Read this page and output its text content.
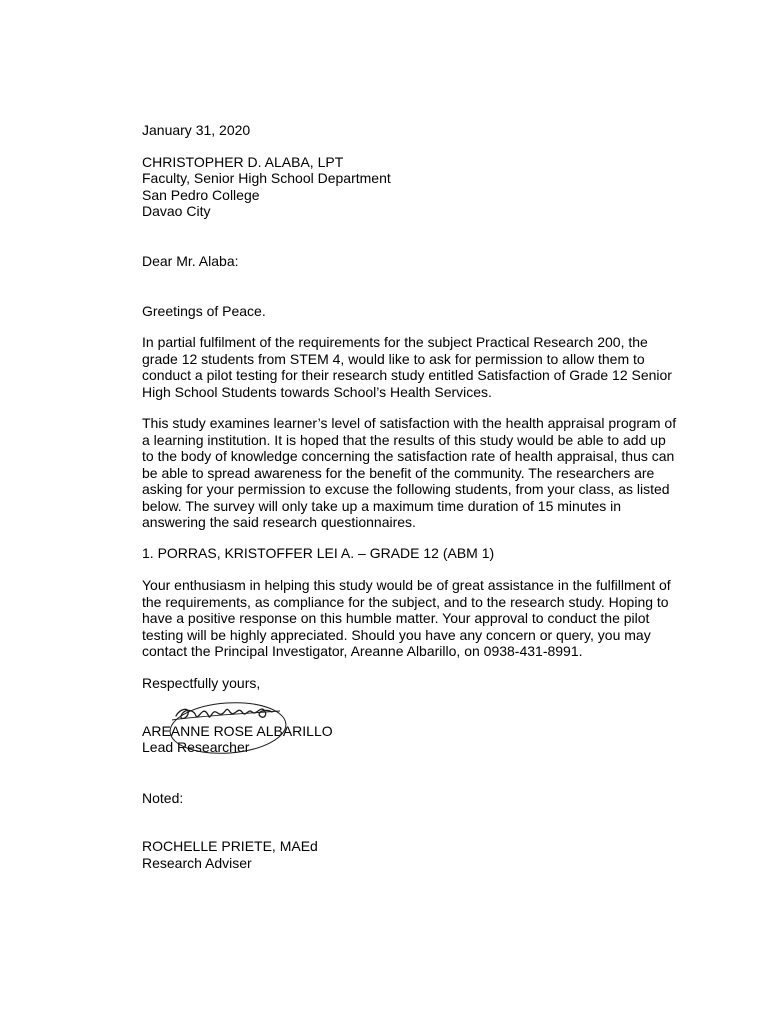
January 31, 2020
CHRISTOPHER D. ALABA, LPT
Faculty, Senior High School Department
San Pedro College
Davao City
Dear Mr. Alaba:
Greetings of Peace.
In partial fulfilment of the requirements for the subject Practical Research 200, the
grade 12 students from STEM 4, would like to ask for permission to allow them to
conduct a pilot testing for their research study entitled Satisfaction of Grade 12 Senior
High School Students towards School’s Health Services.
This study examines learner’s level of satisfaction with the health appraisal program of
a learning institution. It is hoped that the results of this study would be able to add up
to the body of knowledge concerning the satisfaction rate of health appraisal, thus can
be able to spread awareness for the benefit of the community. The researchers are
asking for your permission to excuse the following students, from your class, as listed
below. The survey will only take up a maximum time duration of 15 minutes in
answering the said research questionnaires.
1. PORRAS, KRISTOFFER LEI A. – GRADE 12 (ABM 1)
Your enthusiasm in helping this study would be of great assistance in the fulfillment of
the requirements, as compliance for the subject, and to the research study. Hoping to
have a positive response on this humble matter. Your approval to conduct the pilot
testing will be highly appreciated. Should you have any concern or query, you may
contact the Principal Investigator, Areanne Albarillo, on 0938-431-8991.
Respectfully yours,
AREANNE ROSE ALBARILLO
Lead Researcher
Noted:
ROCHELLE PRIETE, MAEd
Research Adviser
